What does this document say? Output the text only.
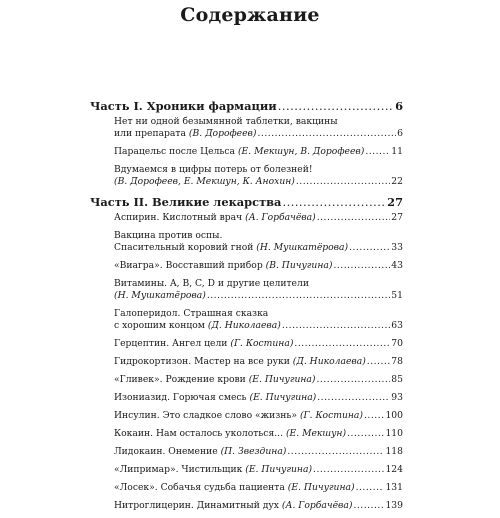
Содержание
Часть I. Хроники фармации .....	6
Нет ни одной безымянной таблетки, вакцины
или препарата (В. Дорофеев) .....	6
Парацельс после Цельса (Е. Мекшун, В. Дорофеев) .....	11
Вдумаемся в цифры потерь от болезней!
(В. Дорофеев, Е. Мекшун, К. Анохин) .....	22
Часть II. Великие лекарства .....	27
Аспирин. Кислотный врач (А. Горбачёва) .....	27
Вакцина против оспы.
Спасительный коровий гной (Н. Мушкатёрова) .....	33
«Виагра». Восставший прибор (В. Пичугина) .....	43
Витамины. A, B, C, D и другие целители
(Н. Мушкатёрова) .....	51
Галоперидол. Страшная сказка
с хорошим концом (Д. Николаева) .....	63
Герцептин. Ангел цели (Г. Костина) .....	70
Гидрокортизон. Мастер на все руки (Д. Николаева) .....	78
«Гливек». Рождение крови (Е. Пичугина) .....	85
Изониазид. Горючая смесь (Е. Пичугина) .....	93
Инсулин. Это сладкое слово «жизнь» (Г. Костина) ..... 100
Кокаин. Нам осталось уколоться... (Е. Мекшун) .....	110
Лидокаин. Онемение (П. Звездина) .....	118
«Липримар». Чистильщик (Е. Пичугина) .....	124
«Лосек». Собачья судьба пациента (Е. Пичугина) .....	131
Нитроглицерин. Динамитный дух (А. Горбачёва) .....	139
